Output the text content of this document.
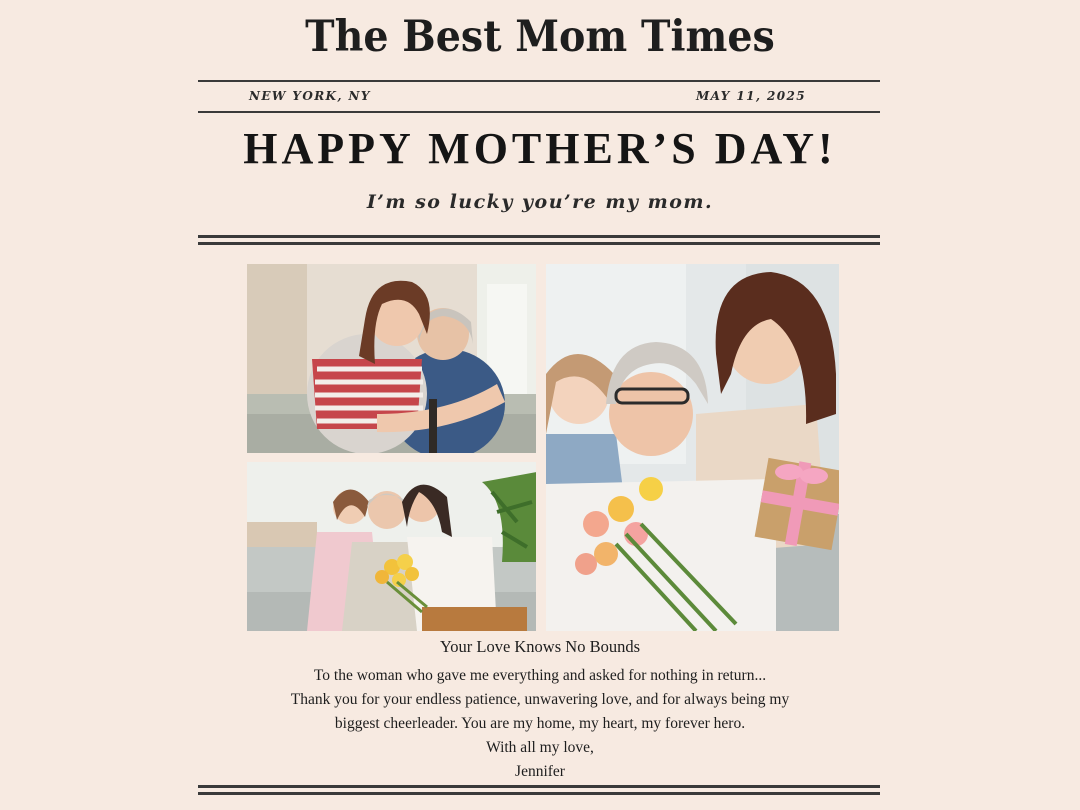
The Best Mom Times
NEW YORK, NY	MAY 11, 2025
HAPPY MOTHER’S DAY!
I’m so lucky you’re my mom.
Your Love Knows No Bounds
To the woman who gave me everything and asked for nothing in return...
Thank you for your endless patience, unwavering love, and for always being my
biggest cheerleader. You are my home, my heart, my forever hero.
With all my love,
Jennifer
